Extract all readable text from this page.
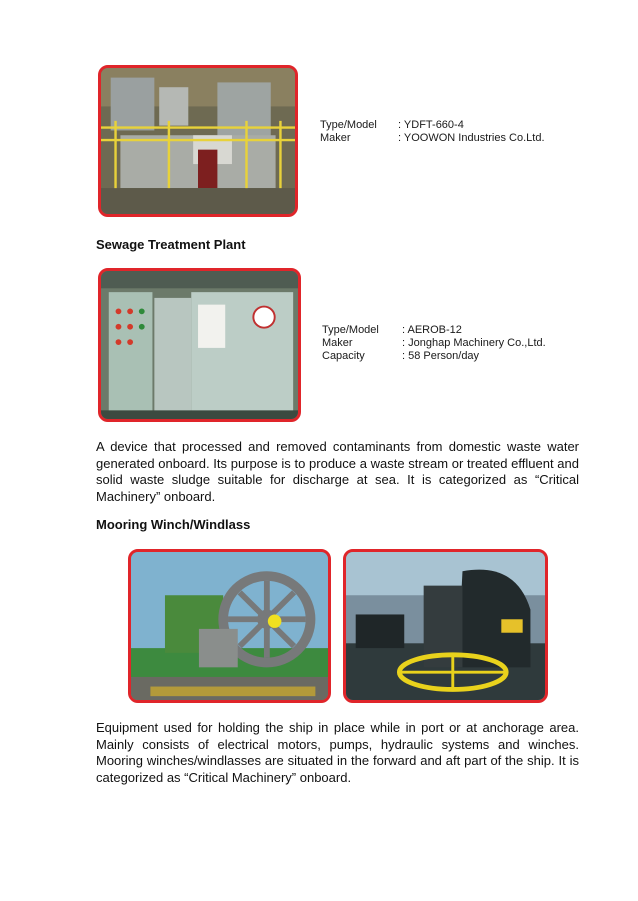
Type/Model	: YDFT-660-4
Maker	: YOOWON Industries Co.Ltd.
Sewage Treatment Plant
Type/Model	: AEROB-12
Maker	: Jonghap Machinery Co.,Ltd.
Capacity	: 58 Person/day
A device that processed and removed contaminants from domestic waste water generated onboard. Its purpose is to produce a waste stream or treated effluent and solid waste sludge suitable for discharge at sea. It is categorized as “Critical Machinery” onboard.
Mooring Winch/Windlass
Equipment used for holding the ship in place while in port or at anchorage area. Mainly consists of electrical motors, pumps, hydraulic systems and winches. Mooring winches/windlasses are situated in the forward and aft part of the ship. It is categorized as “Critical Machinery” onboard.
